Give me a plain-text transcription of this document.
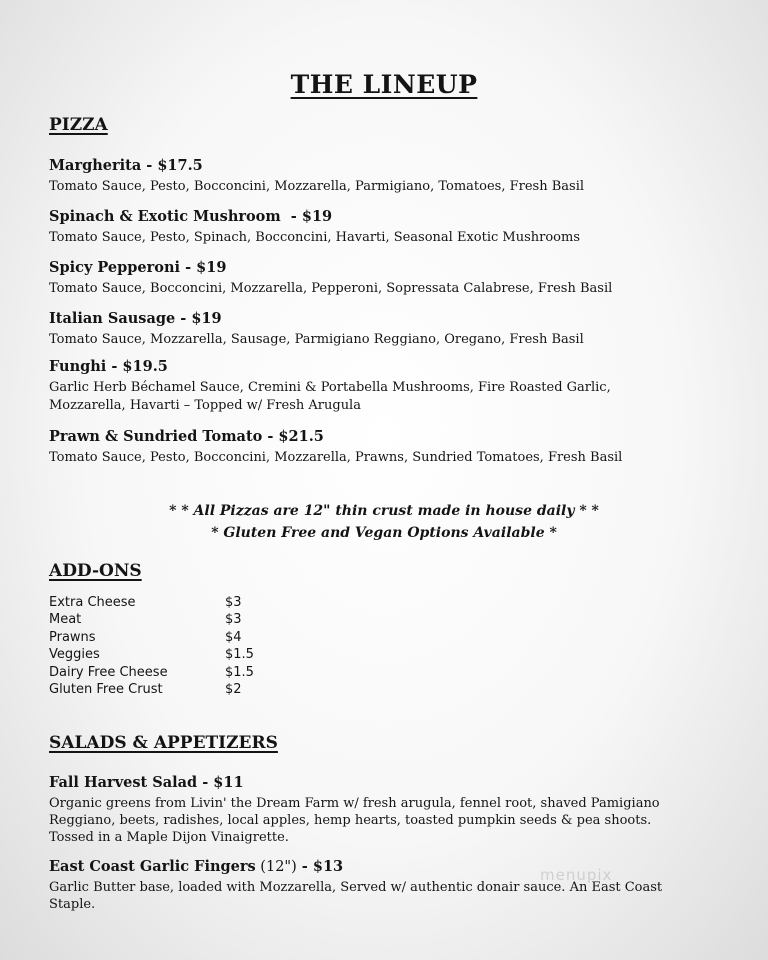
THE LINEUP
PIZZA
Margherita - $17.5
Tomato Sauce, Pesto, Bocconcini, Mozzarella, Parmigiano, Tomatoes, Fresh Basil
Spinach & Exotic Mushroom  - $19
Tomato Sauce, Pesto, Spinach, Bocconcini, Havarti, Seasonal Exotic Mushrooms
Spicy Pepperoni - $19
Tomato Sauce, Bocconcini, Mozzarella, Pepperoni, Sopressata Calabrese, Fresh Basil
Italian Sausage - $19
Tomato Sauce, Mozzarella, Sausage, Parmigiano Reggiano, Oregano, Fresh Basil
Funghi - $19.5
Garlic Herb Béchamel Sauce, Cremini & Portabella Mushrooms, Fire Roasted Garlic,
Mozzarella, Havarti – Topped w/ Fresh Arugula
Prawn & Sundried Tomato - $21.5
Tomato Sauce, Pesto, Bocconcini, Mozzarella, Prawns, Sundried Tomatoes, Fresh Basil
* * All Pizzas are 12" thin crust made in house daily * *
* Gluten Free and Vegan Options Available *
ADD-ONS
Extra Cheese	$3
Meat	$3
Prawns	$4
Veggies	$1.5
Dairy Free Cheese	$1.5
Gluten Free Crust	$2
SALADS & APPETIZERS
Fall Harvest Salad - $11
Organic greens from Livin' the Dream Farm w/ fresh arugula, fennel root, shaved Pamigiano
Reggiano, beets, radishes, local apples, hemp hearts, toasted pumpkin seeds & pea shoots.
Tossed in a Maple Dijon Vinaigrette.
East Coast Garlic Fingers (12") - $13
Garlic Butter base, loaded with Mozzarella, Served w/ authentic donair sauce. An East Coast
Staple.
menupix
